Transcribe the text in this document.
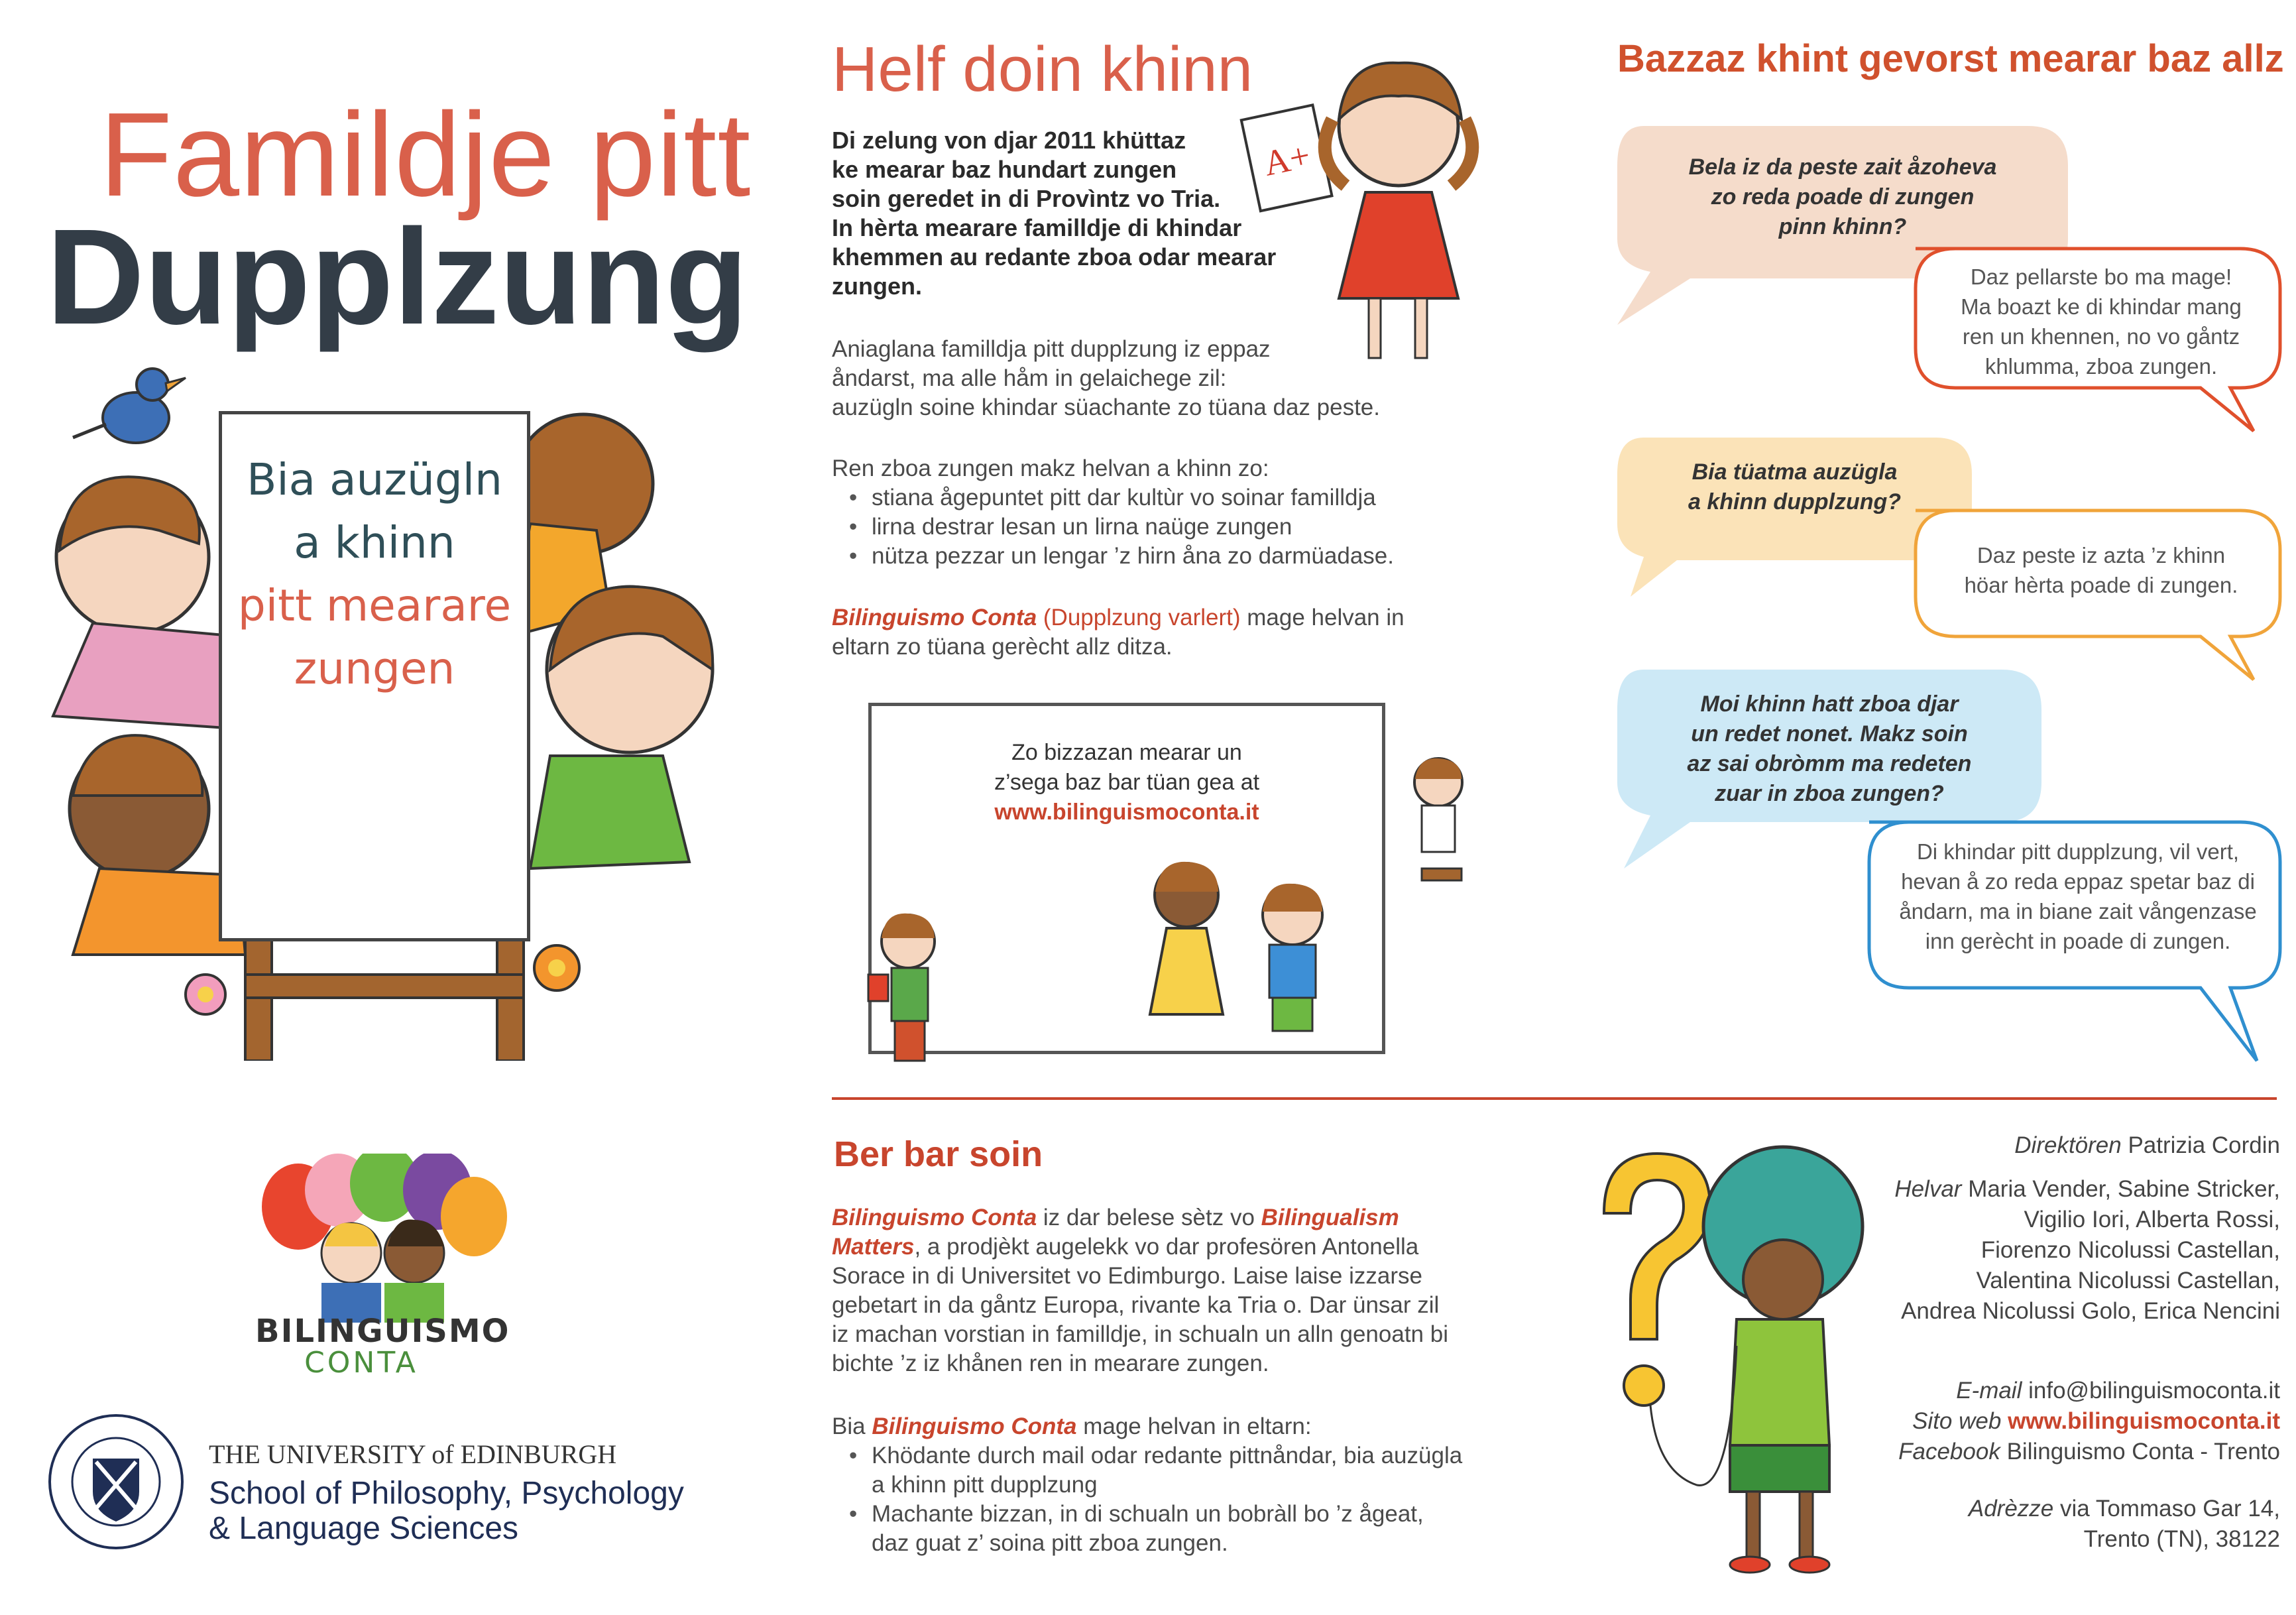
Famildje pitt
Dupplzung
Bia auzügln
a khinn
pitt mearare
zungen
BILINGUISMO
CONTA
THE UNIVERSITY of EDINBURGH
School of Philosophy, Psychology
& Language Sciences
Helf doin khinn
A+
Di zelung von djar 2011 khüttaz
ke mearar baz hundart zungen
soin geredet in di Provìntz vo Tria.
In hèrta mearare familldje di khindar
khemmen au redante zboa odar mearar
zungen.
Aniaglana familldja pitt dupplzung iz eppaz
åndarst, ma alle håm in gelaichege zil:
auzügln soine khindar süachante zo tüana daz peste.
Ren zboa zungen makz helvan a khinn zo:
• stiana ågepuntet pitt dar kultùr vo soinar familldja
• lirna destrar lesan un lirna naüge zungen
• nützа pezzar un lengar ’z hirn åna zo darmüadase.
Bilinguismo Conta (Dupplzung varlert) mage helvan in
eltarn zo tüana gerècht allz ditza.
Zo bizzazan mearar un
z’sega baz bar tüan gea at
www.bilinguismoconta.it
Ber bar soin
Bilinguismo Conta iz dar belese sètz vo Bilingualism
Matters, a prodjèkt augelekk vo dar profesören Antonella
Sorace in di Universitet vo Edimburgo. Laise laise izzarse
gebetart in da gåntz Europa, rivante ka Tria o. Dar ünsar zil
iz machan vorstian in familldje, in schualn un alln genoatn bi
bichte ’z iz khånen ren in mearare zungen.
Bia Bilinguismo Conta mage helvan in eltarn:
• Khödante durch mail odar redante pittnåndar, bia auzügla
a khinn pitt dupplzung
• Machante bizzan, in di schualn un bobràll bo ’z ågeat,
daz guat z’ soina pitt zboa zungen.
Bazzaz khint gevorst mearar baz allz
Bela iz da peste zait åzoheva
zo reda poade di zungen
pinn khinn?
Daz pellarste bo ma mage!
Ma boazt ke di khindar mang
ren un khennen, no vo gåntz
khlumma, zboa zungen.
Bia tüatma auzügla
a khinn dupplzung?
Daz peste iz azta ’z khinn
höar hèrta poade di zungen.
Moi khinn hatt zboa djar
un redet nonet. Makz soin
az sai obròmm ma redeten
zuar in zboa zungen?
Di khindar pitt dupplzung, vil vert,
hevan å zo reda eppaz spetar baz di
åndarn, ma in biane zait vångenzase
inn gerècht in poade di zungen.
Direktören Patrizia Cordin
Helvar Maria Vender, Sabine Stricker,
Vigilio Iori, Alberta Rossi,
Fiorenzo Nicolussi Castellan,
Valentina Nicolussi Castellan,
Andrea Nicolussi Golo, Erica Nencini
E-mail info@bilinguismoconta.it
Sito web www.bilinguismoconta.it
Facebook Bilinguismo Conta - Trento
Adrèzze via Tommaso Gar 14,
Trento (TN), 38122
